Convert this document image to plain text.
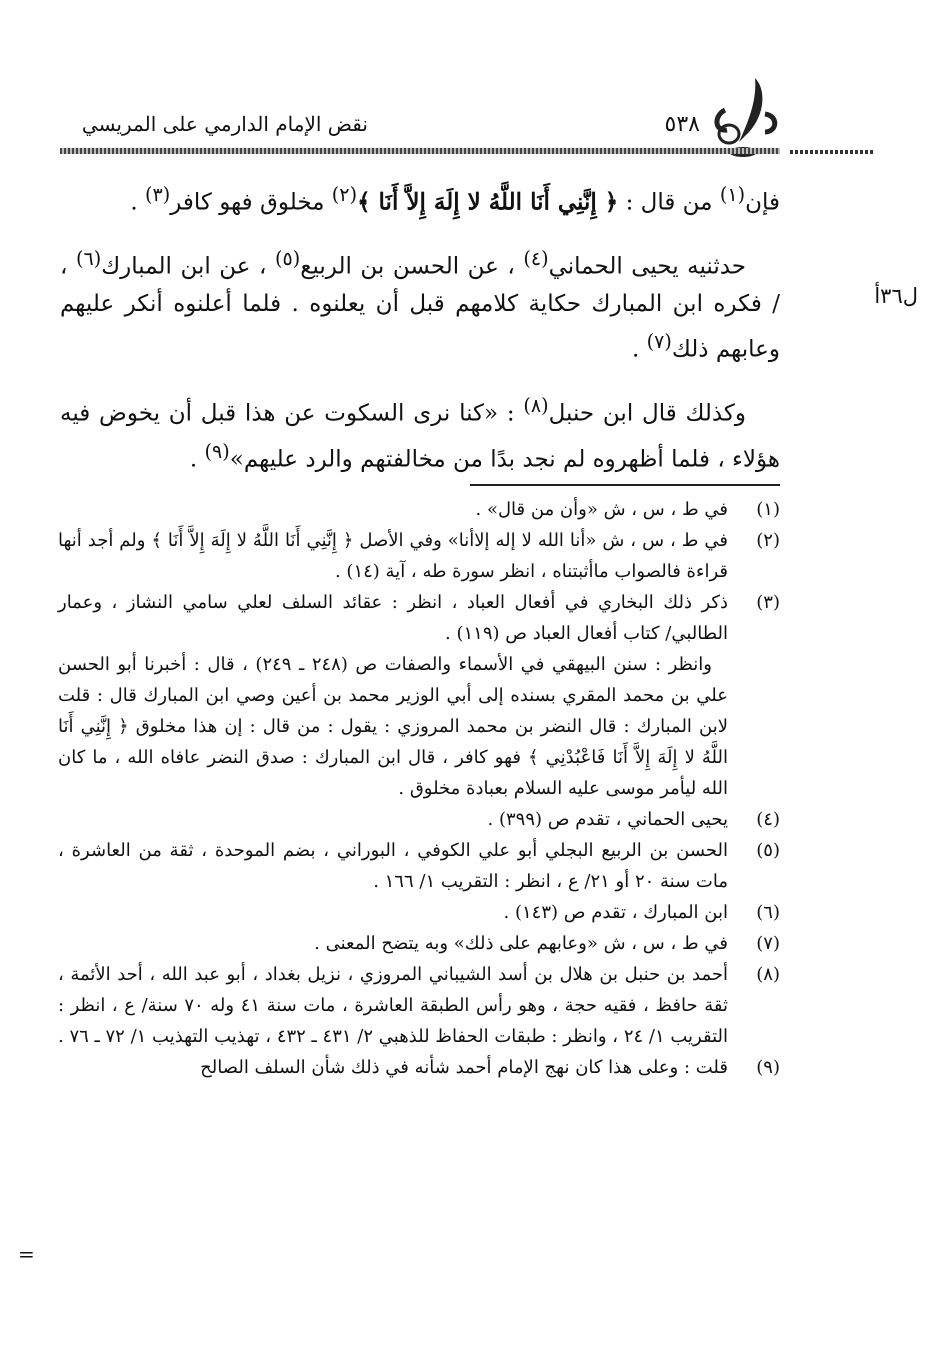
نقض الإمام الدارمي على المريسي	٥٣٨
ل٣٦أ

فإن$^{(١)}$ من قال : ﴿ إِنَّنِي أَنَا اللَّهُ لا إِلَهَ إِلاَّ أَنَا ﴾$^{(٢)}$ مخلوق فهو كافر$^{(٣)}$ .

حدثنيه يحيى الحماني$^{(٤)}$ ، عن الحسن بن الربيع$^{(٥)}$ ، عن ابن المبارك$^{(٦)}$ ، / فكره ابن المبارك حكاية كلامهم قبل أن يعلنوه . فلما أعلنوه أنكر عليهم وعابهم ذلك$^{(٧)}$ .

وكذلك قال ابن حنبل$^{(٨)}$ : «كنا نرى السكوت عن هذا قبل أن يخوض فيه هؤلاء ، فلما أظهروه لم نجد بدًا من مخالفتهم والرد عليهم»$^{(٩)}$ .

(١)
في ط ، س ، ش «وأن من قال» .
(٢)
في ط ، س ، ش «أنا الله لا إله إلاأنا» وفي الأصل ﴿ إِنَّنِي أَنَا اللَّهُ لا إِلَهَ إِلاَّ أَنَا ﴾ ولم أجد أنها قراءة فالصواب ماأثبتناه ، انظر سورة طه ، آية (١٤) .
(٣)
ذكر ذلك البخاري في أفعال العباد ، انظر : عقائد السلف لعلي سامي النشاز ، وعمار الطالبي/ كتاب أفعال العباد ص (١١٩) .
وانظر : سنن البيهقي في الأسماء والصفات ص (٢٤٨ ـ ٢٤٩) ، قال : أخبرنا أبو الحسن علي بن محمد المقري بسنده إلى أبي الوزير محمد بن أعين وصي ابن المبارك قال : قلت لابن المبارك : قال النضر بن محمد المروزي : يقول : من قال : إن هذا مخلوق ﴿ إِنَّنِي أَنَا اللَّهُ لا إِلَهَ إِلاَّ أَنَا فَاعْبُدْنِي ﴾ فهو كافر ، قال ابن المبارك : صدق النضر عافاه الله ، ما كان الله ليأمر موسى عليه السلام بعبادة مخلوق .
(٤)
يحيى الحماني ، تقدم ص (٣٩٩) .
(٥)
الحسن بن الربيع البجلي أبو علي الكوفي ، البوراني ، بضم الموحدة ، ثقة من العاشرة ، مات سنة ٢٠ أو ٢١/ ع ، انظر : التقريب ١/ ١٦٦ .
(٦)
ابن المبارك ، تقدم ص (١٤٣) .
(٧)
في ط ، س ، ش «وعابهم على ذلك» وبه يتضح المعنى .
(٨)
أحمد بن حنبل بن هلال بن أسد الشيباني المروزي ، نزيل بغداد ، أبو عبد الله ، أحد الأئمة ، ثقة حافظ ، فقيه حجة ، وهو رأس الطبقة العاشرة ، مات سنة ٤١ وله ٧٠ سنة/ ع ، انظر : التقريب ١/ ٢٤ ، وانظر : طبقات الحفاظ للذهبي ٢/ ٤٣١ ـ ٤٣٢ ، تهذيب التهذيب ١/ ٧٢ ـ ٧٦ .
(٩)
قلت : وعلى هذا كان نهج الإمام أحمد شأنه في ذلك شأن السلف الصالح
=
